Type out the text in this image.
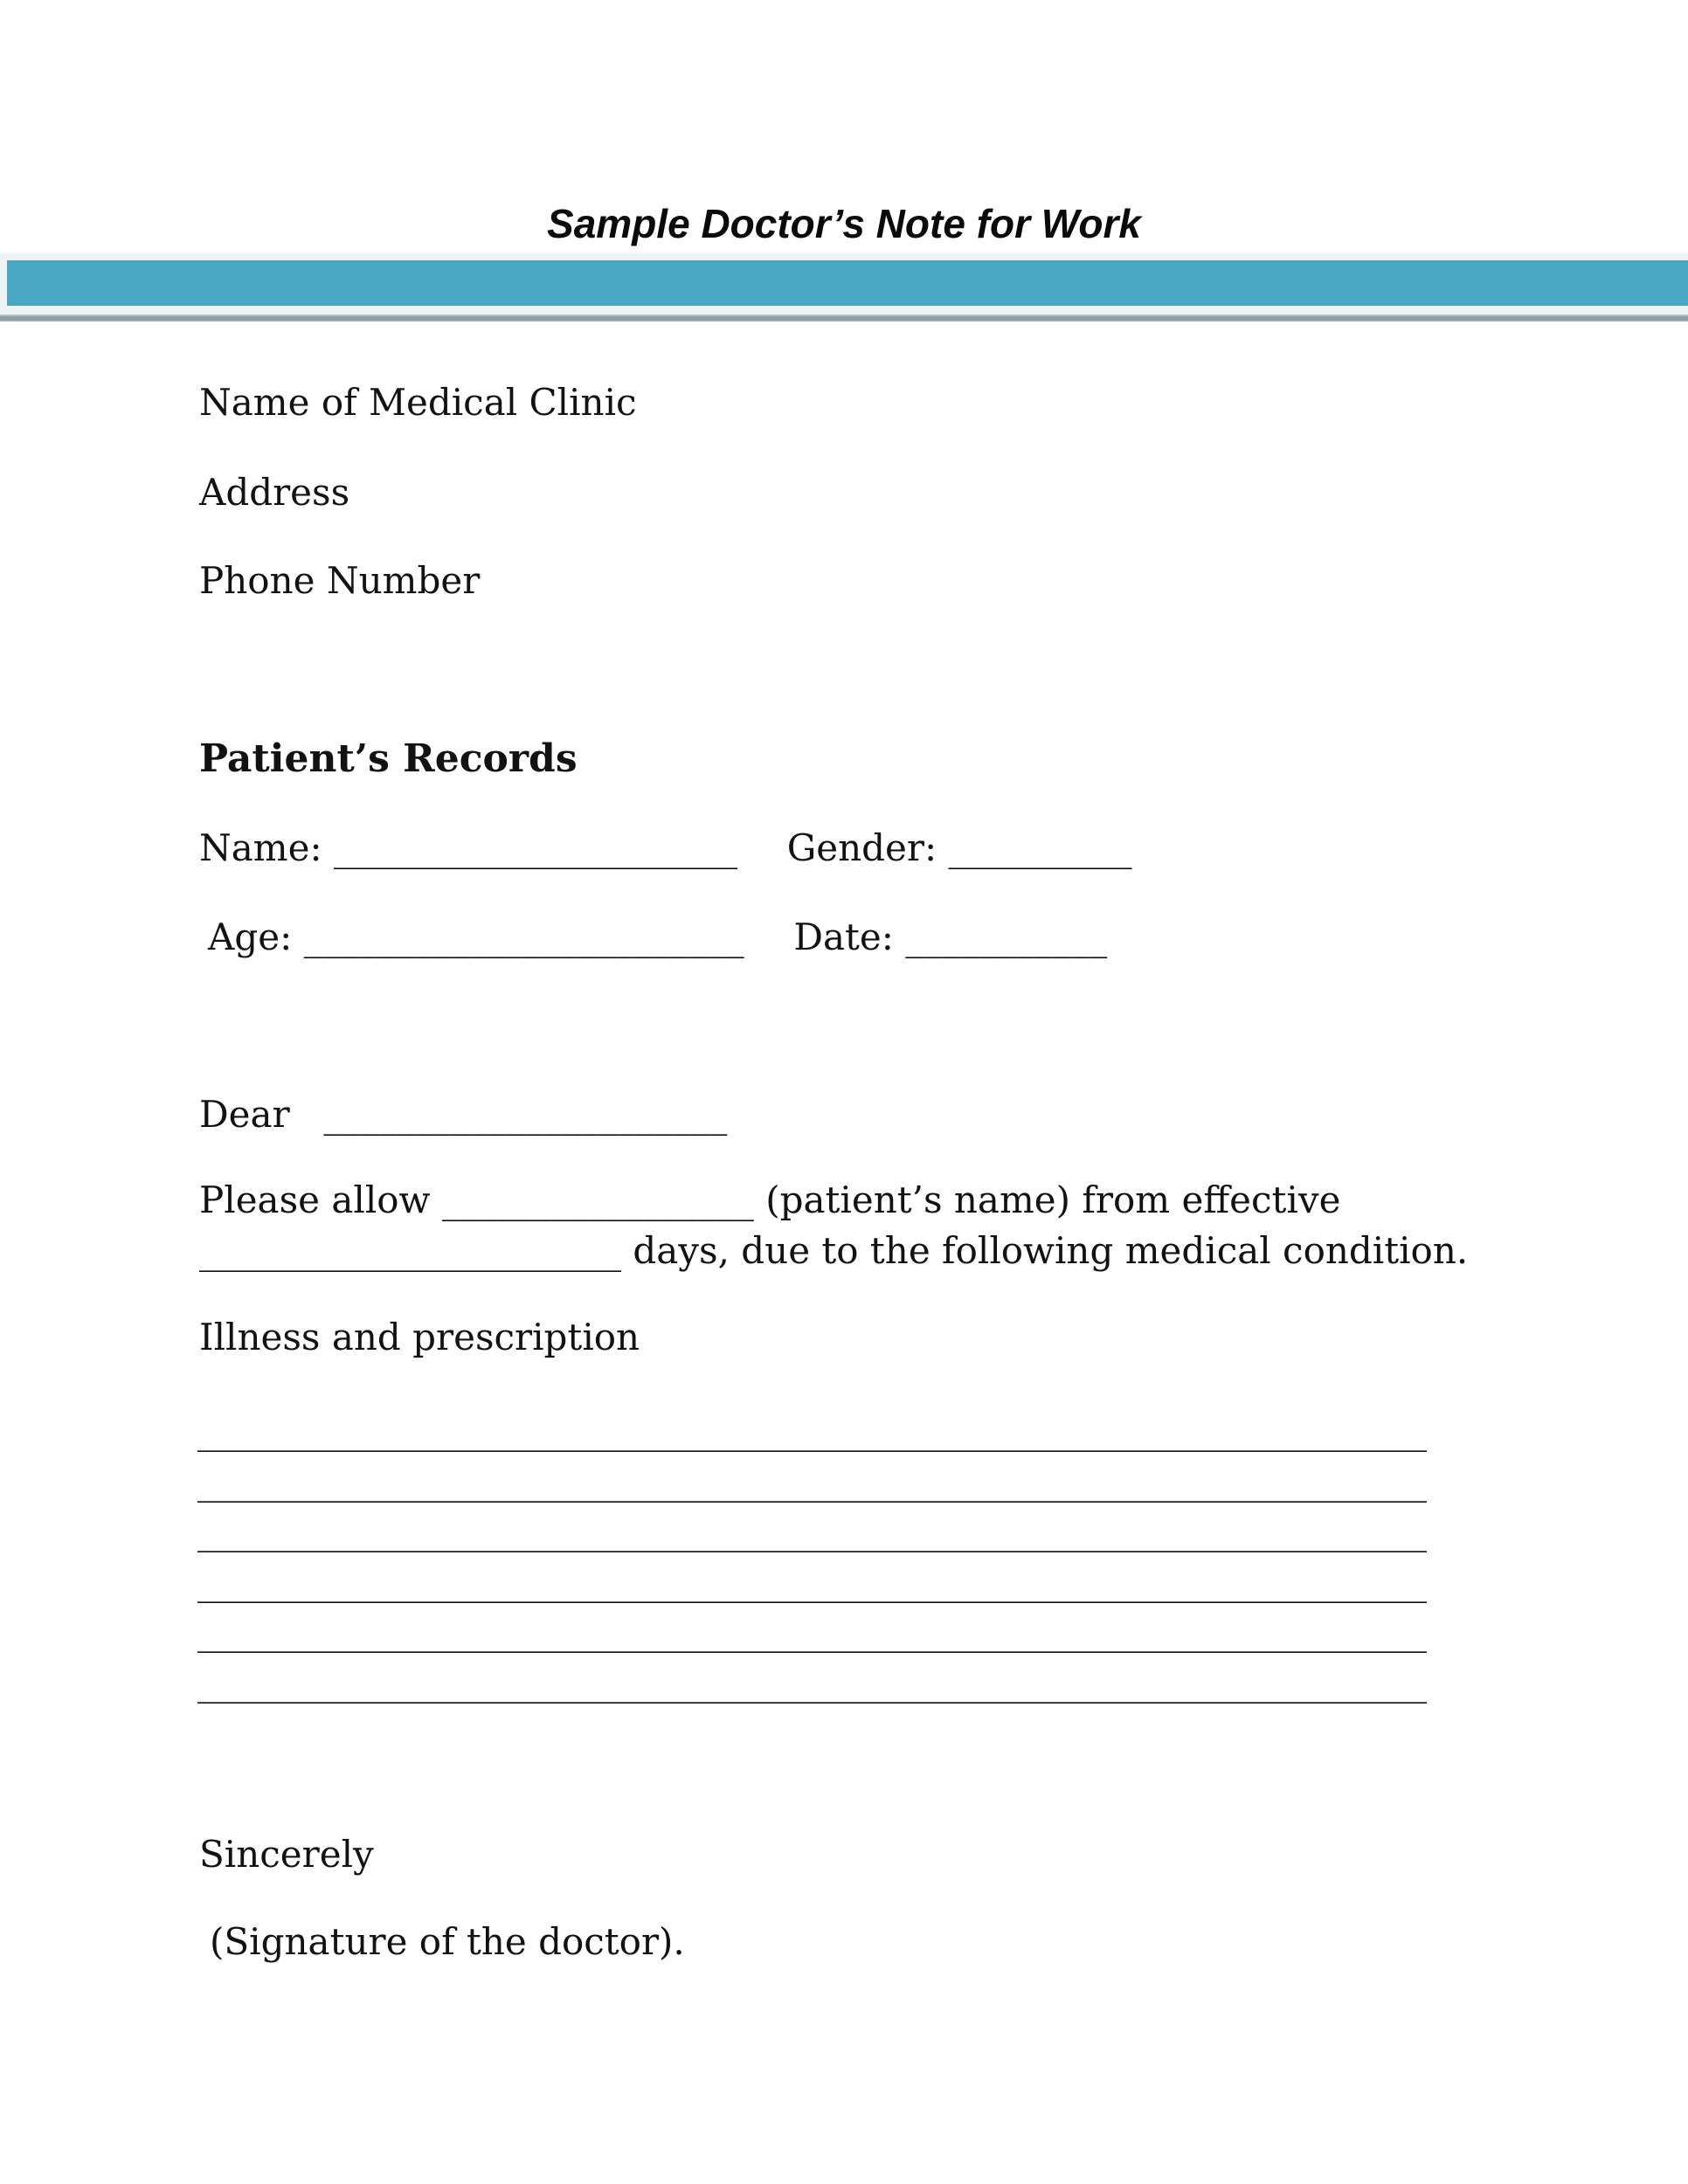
Sample Doctor’s Note for Work
Name of Medical Clinic
Address
Phone Number
Patient’s Records
Name: ______________________ Gender: __________
Age: ________________________ Date: ___________
Dear ______________________
Please allow _________________ (patient’s name) from effective
_______________________ days, due to the following medical condition.
Illness and prescription
___________________________________________________________________
___________________________________________________________________
___________________________________________________________________
___________________________________________________________________
___________________________________________________________________
___________________________________________________________________
Sincerely
(Signature of the doctor).
